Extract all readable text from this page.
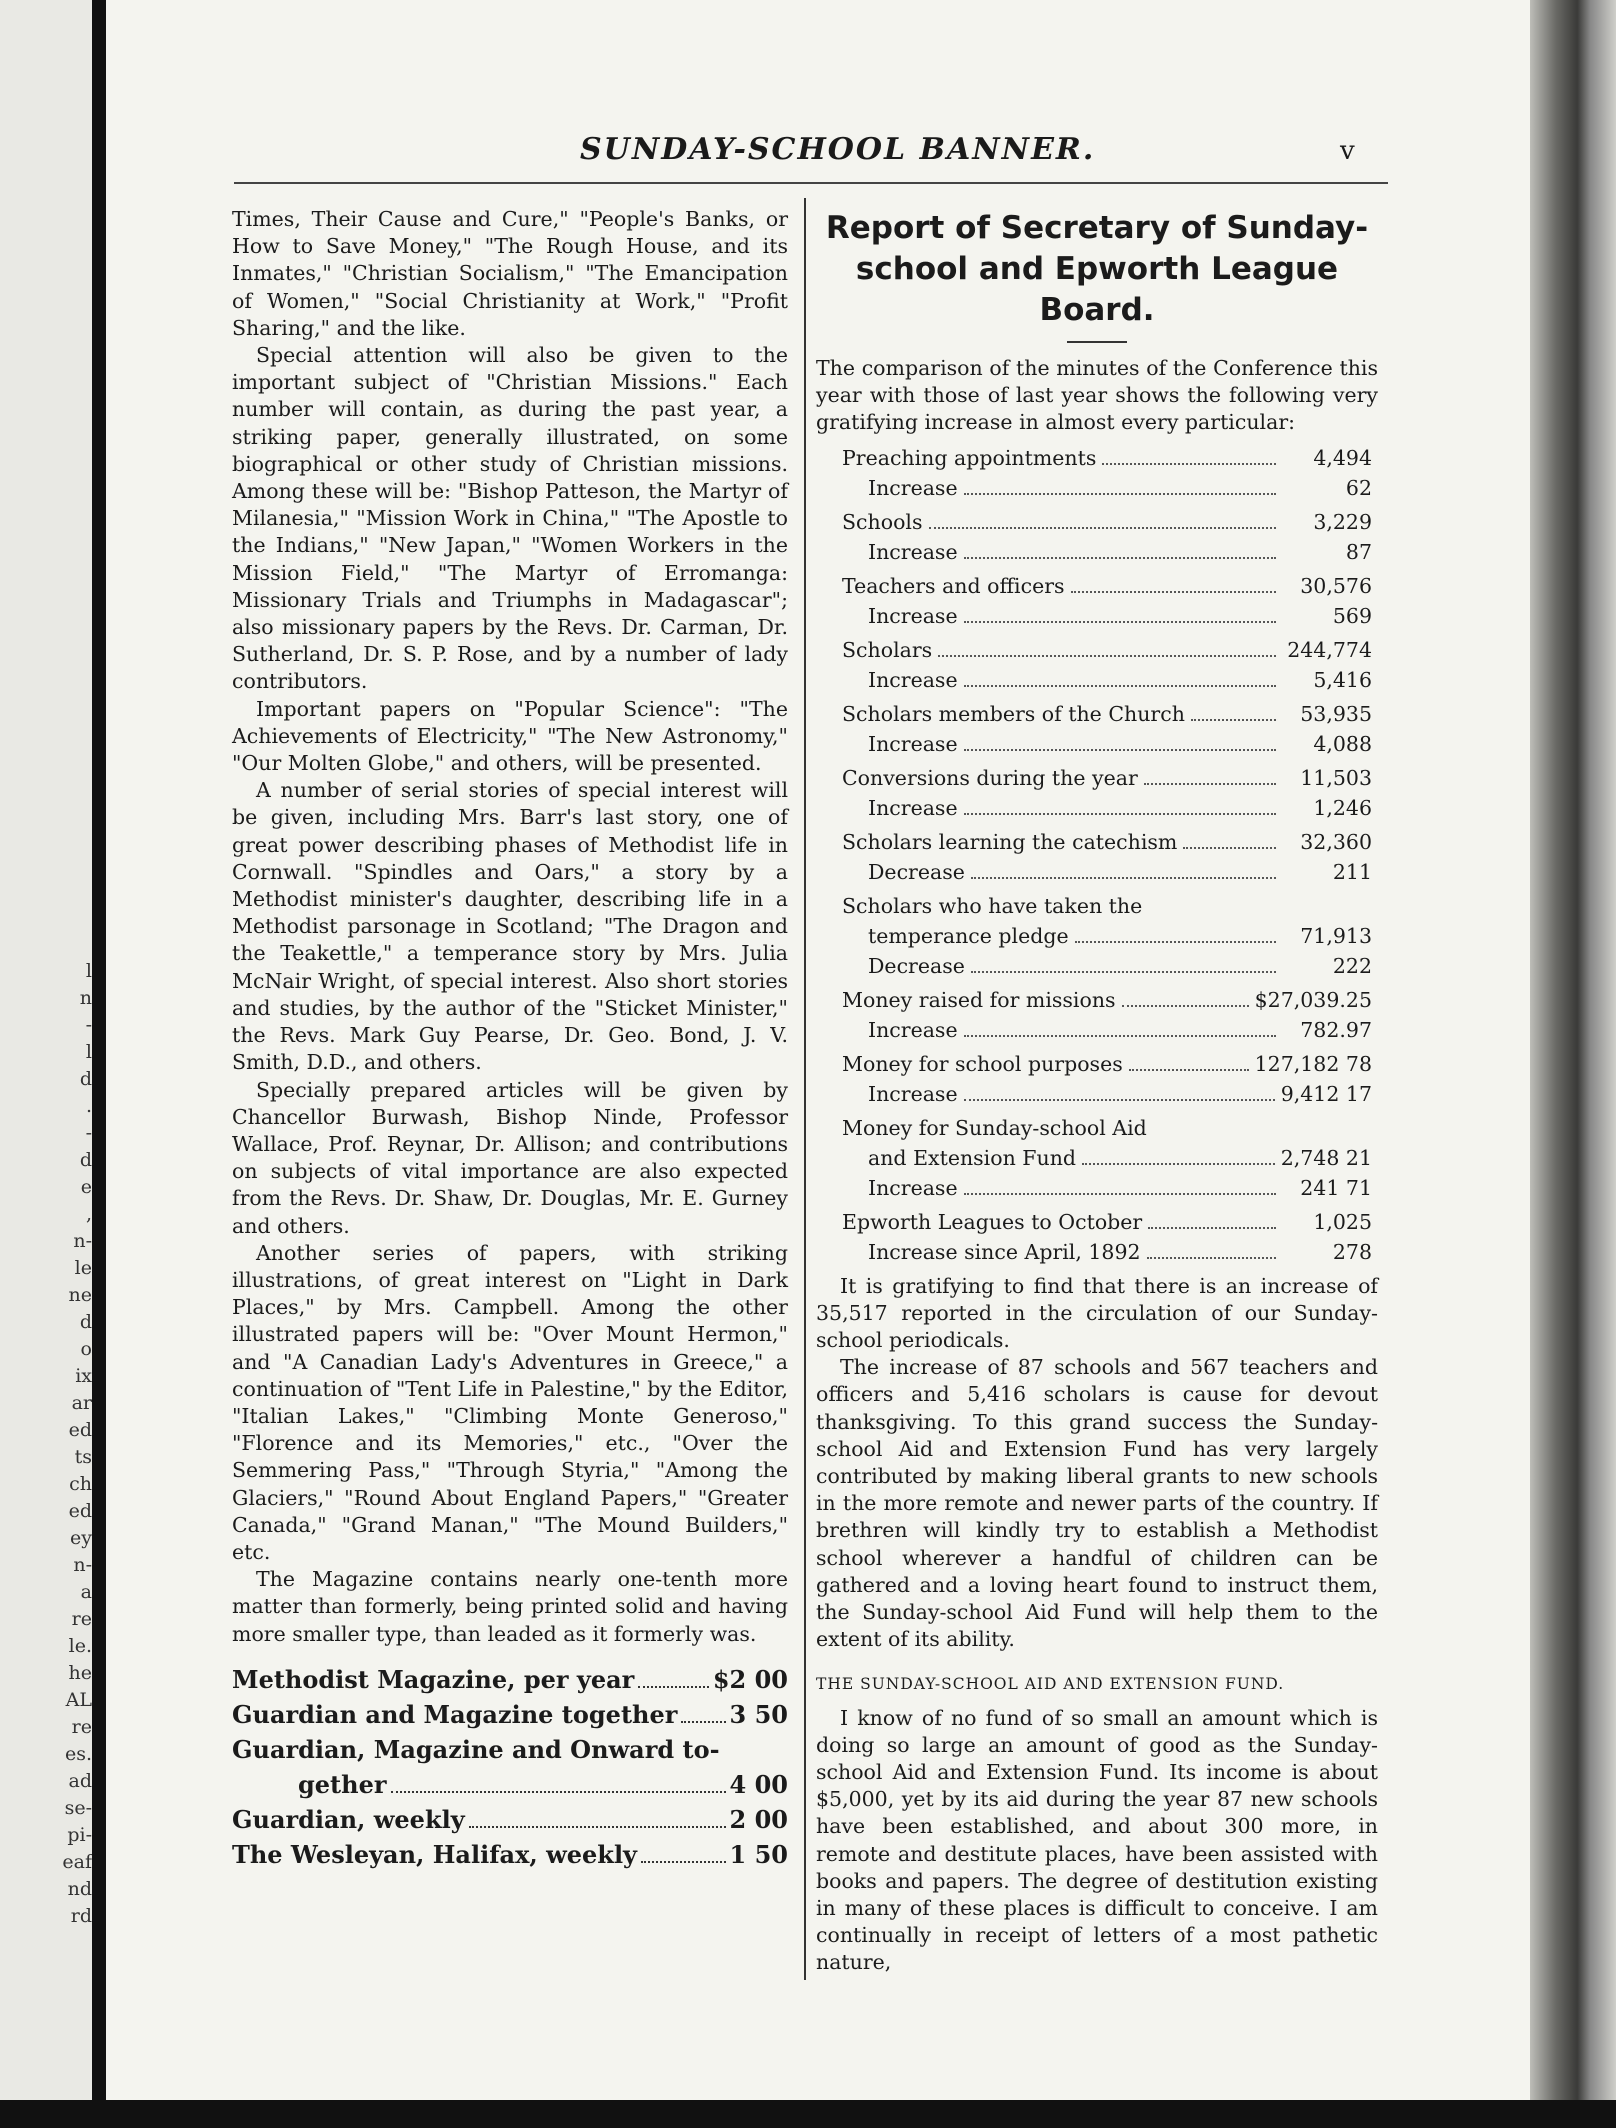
l
n
-
l
d
.
-
d
e
,
n-
le
ne
d
o
ix
ar
ed
ts
ch
ed
ey
n-
a
re
le.
he
AL
re
es.
ad
se-
pi-
eaf
nd
rd
SUNDAY-SCHOOL BANNER.	v

Times, Their Cause and Cure," "People's Banks, or How to Save Money," "The Rough House, and its Inmates," "Christian Socialism," "The Emancipation of Women," "Social Christianity at Work," "Profit Sharing," and the like.

Special attention will also be given to the important subject of "Christian Missions." Each number will contain, as during the past year, a striking paper, generally illustrated, on some biographical or other study of Christian missions. Among these will be: "Bishop Patteson, the Martyr of Milanesia," "Mission Work in China," "The Apostle to the Indians," "New Japan," "Women Workers in the Mission Field," "The Martyr of Erromanga: Missionary Trials and Triumphs in Madagascar"; also missionary papers by the Revs. Dr. Carman, Dr. Sutherland, Dr. S. P. Rose, and by a number of lady contributors.

Important papers on "Popular Science": "The Achievements of Electricity," "The New Astronomy," "Our Molten Globe," and others, will be presented.

A number of serial stories of special interest will be given, including Mrs. Barr's last story, one of great power describing phases of Methodist life in Cornwall. "Spindles and Oars," a story by a Methodist minister's daughter, describing life in a Methodist parsonage in Scotland; "The Dragon and the Teakettle," a temperance story by Mrs. Julia McNair Wright, of special interest. Also short stories and studies, by the author of the "Sticket Minister," the Revs. Mark Guy Pearse, Dr. Geo. Bond, J. V. Smith, D.D., and others.

Specially prepared articles will be given by Chancellor Burwash, Bishop Ninde, Professor Wallace, Prof. Reynar, Dr. Allison; and contributions on subjects of vital importance are also expected from the Revs. Dr. Shaw, Dr. Douglas, Mr. E. Gurney and others.

Another series of papers, with striking illustrations, of great interest on "Light in Dark Places," by Mrs. Campbell. Among the other illustrated papers will be: "Over Mount Hermon," and "A Canadian Lady's Adventures in Greece," a continuation of "Tent Life in Palestine," by the Editor, "Italian Lakes," "Climbing Monte Generoso," "Florence and its Memories," etc., "Over the Semmering Pass," "Through Styria," "Among the Glaciers," "Round About England Papers," "Greater Canada," "Grand Manan," "The Mound Builders," etc.

The Magazine contains nearly one-tenth more matter than formerly, being printed solid and having more smaller type, than leaded as it formerly was.

Methodist Magazine, per year	$2 00
Guardian and Magazine together 3 50
Guardian, Magazine and Onward to-
gether	4 00
Guardian, weekly	2 00
The Wesleyan, Halifax, weekly	1 50
Report of Secretary of Sunday-school and Epworth League Board.

The comparison of the minutes of the Conference this year with those of last year shows the following very gratifying increase in almost every particular:

Preaching appointments	4,494
Increase	62
Schools	3,229
Increase	87
Teachers and officers	30,576
Increase	569
Scholars	244,774
Increase	5,416
Scholars members of the Church	53,935
Increase	4,088
Conversions during the year	11,503
Increase	1,246
Scholars learning the catechism	32,360
Decrease	211
Scholars who have taken the
temperance pledge	71,913
Decrease	222
Money raised for missions	$27,039.25
Increase	782.97
Money for school purposes	127,182 78
Increase	9,412 17
Money for Sunday-school Aid
and Extension Fund	2,748 21
Increase	241 71
Epworth Leagues to October	1,025
Increase since April, 1892	278

It is gratifying to find that there is an increase of 35,517 reported in the circulation of our Sunday-school periodicals.

The increase of 87 schools and 567 teachers and officers and 5,416 scholars is cause for devout thanksgiving. To this grand success the Sunday-school Aid and Extension Fund has very largely contributed by making liberal grants to new schools in the more remote and newer parts of the country. If brethren will kindly try to establish a Methodist school wherever a handful of children can be gathered and a loving heart found to instruct them, the Sunday-school Aid Fund will help them to the extent of its ability.

THE SUNDAY-SCHOOL AID AND EXTENSION FUND.

I know of no fund of so small an amount which is doing so large an amount of good as the Sunday-school Aid and Extension Fund. Its income is about $5,000, yet by its aid during the year 87 new schools have been established, and about 300 more, in remote and destitute places, have been assisted with books and papers. The degree of destitution existing in many of these places is difficult to conceive. I am continually in receipt of letters of a most pathetic nature,
